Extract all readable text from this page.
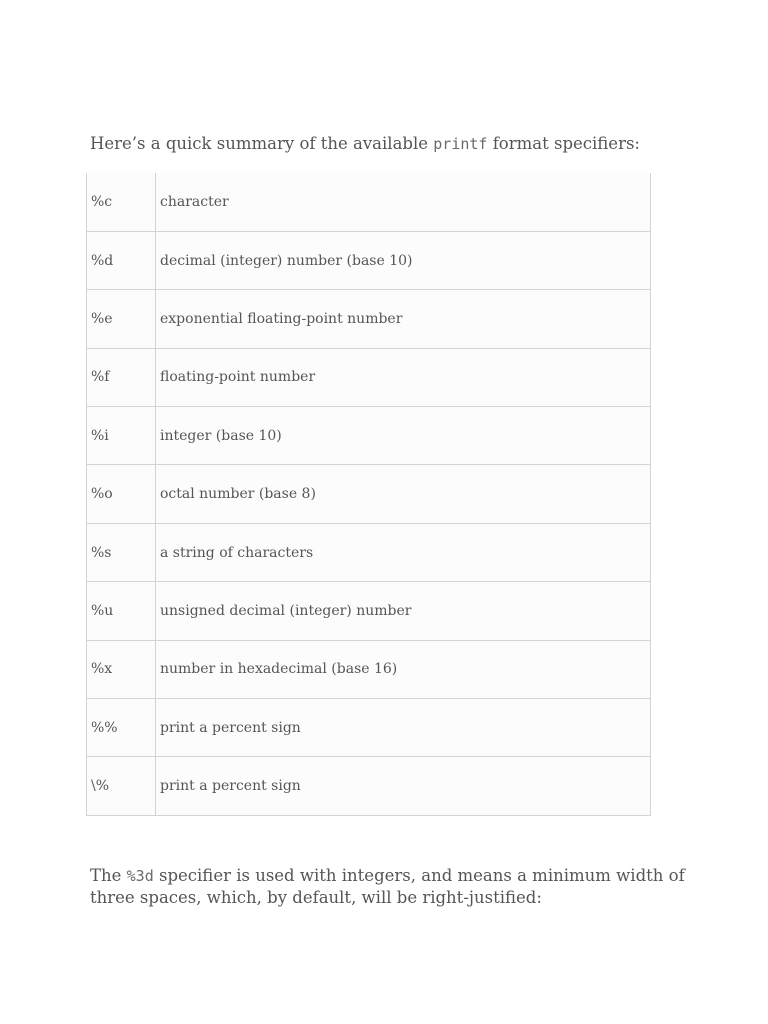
Here’s a quick summary of the available printf format specifiers:

%c	character
%d	decimal (integer) number (base 10)
%e	exponential floating-point number
%f	floating-point number
%i	integer (base 10)
%o	octal number (base 8)
%s	a string of characters
%u	unsigned decimal (integer) number
%x	number in hexadecimal (base 16)
%%	print a percent sign
\%	print a percent sign

The %3d specifier is used with integers, and means a minimum width of three spaces, which, by default, will be right-justified:
